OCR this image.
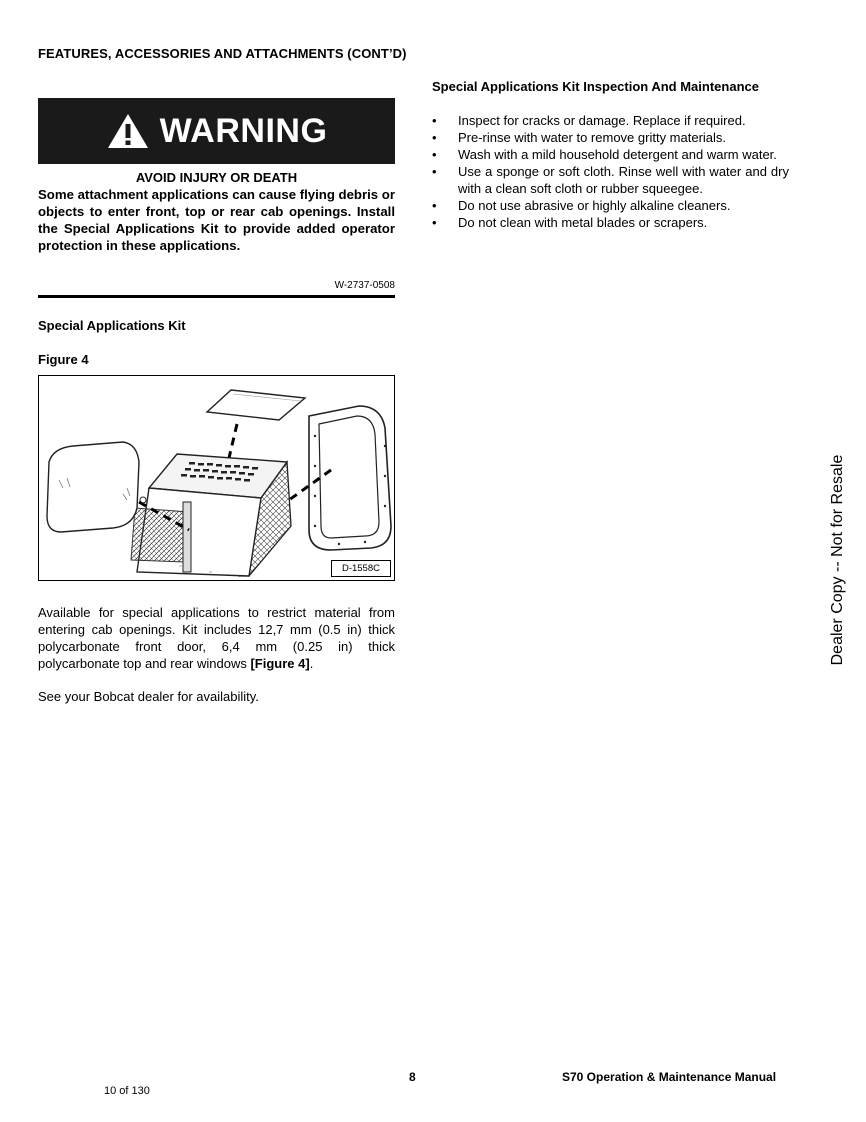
FEATURES, ACCESSORIES AND ATTACHMENTS (CONT’D)
WARNING
AVOID INJURY OR DEATH
Some attachment applications can cause flying debris or objects to enter front, top or rear cab openings. Install the Special Applications Kit to provide added operator protection in these applications.
W-2737-0508
Special Applications Kit
Figure 4
D-1558C
Available for special applications to restrict material from entering cab openings. Kit includes 12,7 mm (0.5 in) thick polycarbonate front door, 6,4 mm (0.25 in) thick polycarbonate top and rear windows [Figure 4].
See your Bobcat dealer for availability.
Special Applications Kit Inspection And Maintenance
• Inspect for cracks or damage. Replace if required.
• Pre-rinse with water to remove gritty materials.
• Wash with a mild household detergent and warm water.
• Use a sponge or soft cloth. Rinse well with water and dry with a clean soft cloth or rubber squeegee.
• Do not use abrasive or highly alkaline cleaners.
• Do not clean with metal blades or scrapers.
Dealer Copy -- Not for Resale
8	S70 Operation & Maintenance Manual
10 of 130
